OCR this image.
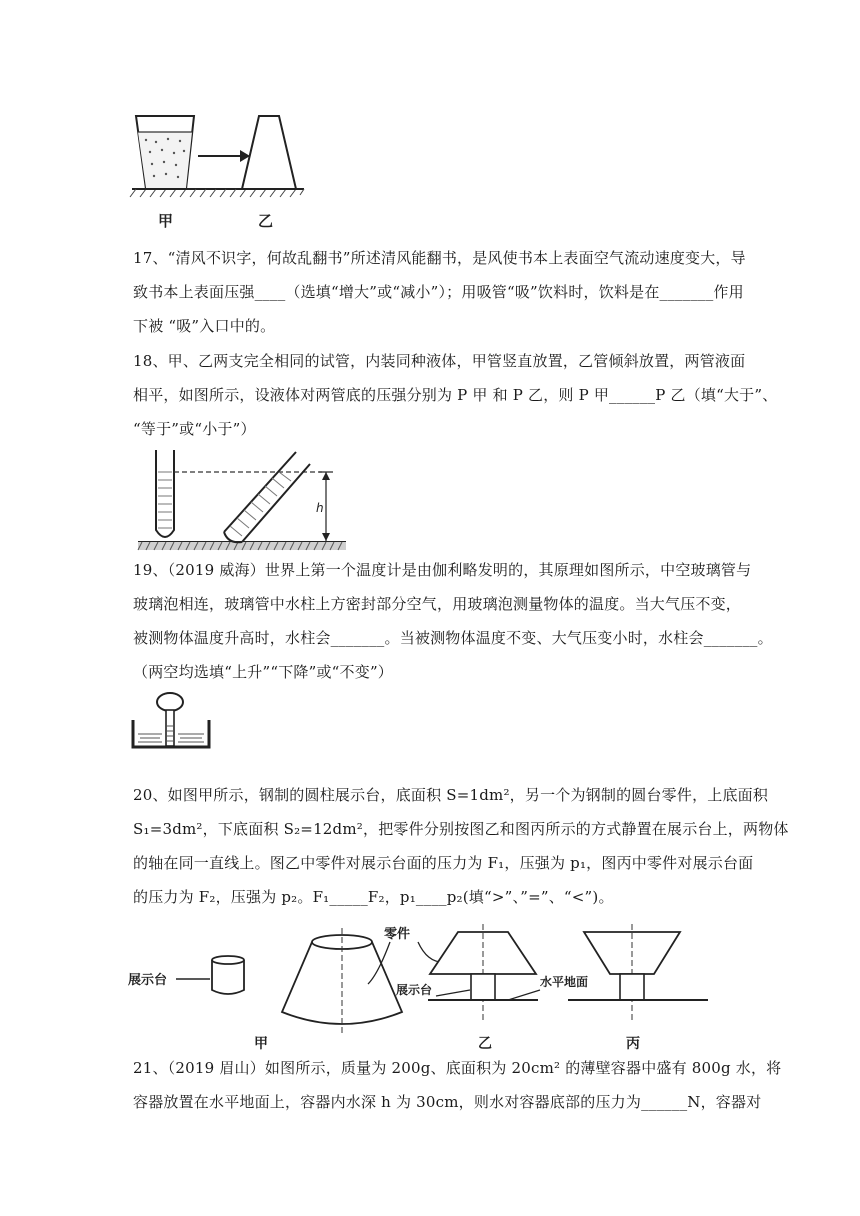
甲	乙
17、“清风不识字，何故乱翻书”所述清风能翻书，是风使书本上表面空气流动速度变大，导
致书本上表面压强____（选填“增大”或“减小”）；用吸管“吸”饮料时，饮料是在_______作用
下被 “吸”入口中的。
18、甲、乙两支完全相同的试管，内装同种液体，甲管竖直放置，乙管倾斜放置，两管液面
相平，如图所示，设液体对两管底的压强分别为 P 甲 和 P 乙，则 P 甲______P 乙（填“大于”、
“等于”或“小于”）
h
19、（2019 威海）世界上第一个温度计是由伽利略发明的，其原理如图所示，中空玻璃管与
玻璃泡相连，玻璃管中水柱上方密封部分空气，用玻璃泡测量物体的温度。当大气压不变，
被测物体温度升高时，水柱会_______。当被测物体温度不变、大气压变小时，水柱会_______。
（两空均选填“上升”“下降”或“不变”）
20、如图甲所示，钢制的圆柱展示台，底面积 S=1dm²，另一个为钢制的圆台零件，上底面积
S₁=3dm²，下底面积 S₂=12dm²，把零件分别按图乙和图丙所示的方式静置在展示台上，两物体
的轴在同一直线上。图乙中零件对展示台面的压力为 F₁，压强为 p₁，图丙中零件对展示台面
的压力为 F₂，压强为 p₂。F₁_____F₂，p₁____p₂(填“>”、”=”、“<”)。
展示台
甲
零件
展示台
乙
水平地面
丙
21、（2019 眉山）如图所示，质量为 200g、底面积为 20cm² 的薄壁容器中盛有 800g 水，将
容器放置在水平地面上，容器内水深 h 为 30cm，则水对容器底部的压力为______N，容器对
